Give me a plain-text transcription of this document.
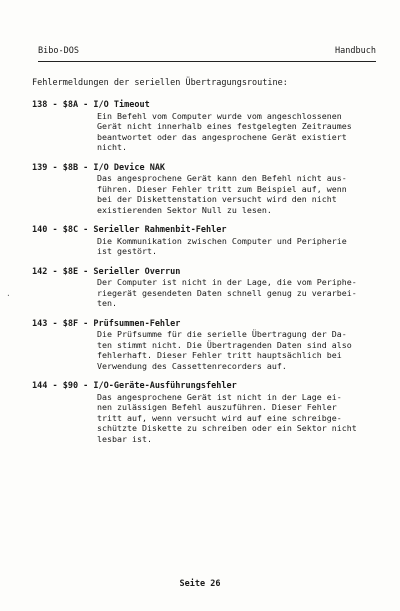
Bibo-DOS	Handbuch
Fehlermeldungen der seriellen Übertragungsroutine:
138 - $8A - I/O Timeout
Ein Befehl vom Computer wurde vom angeschlossenen
Gerät nicht innerhalb eines festgelegten Zeitraumes
beantwortet oder das angesprochene Gerät existiert
nicht.
139 - $8B - I/O Device NAK
Das angesprochene Gerät kann den Befehl nicht aus-
führen. Dieser Fehler tritt zum Beispiel auf, wenn
bei der Diskettenstation versucht wird den nicht
existierenden Sektor Null zu lesen.
140 - $8C - Serieller Rahmenbit-Fehler
Die Kommunikation zwischen Computer und Peripherie
ist gestört.
142 - $8E - Serieller Overrun
Der Computer ist nicht in der Lage, die vom Periphe-
riegerät gesendeten Daten schnell genug zu verarbei-
ten.
143 - $8F - Prüfsummen-Fehler
Die Prüfsumme für die serielle Übertragung der Da-
ten stimmt nicht. Die Übertragenden Daten sind also
fehlerhaft. Dieser Fehler tritt hauptsächlich bei
Verwendung des Cassettenrecorders auf.
144 - $90 - I/O-Geräte-Ausführungsfehler
Das angesprochene Gerät ist nicht in der Lage ei-
nen zulässigen Befehl auszuführen. Dieser Fehler
tritt auf, wenn versucht wird auf eine schreibge-
schützte Diskette zu schreiben oder ein Sektor nicht
lesbar ist.
·
Seite 26
